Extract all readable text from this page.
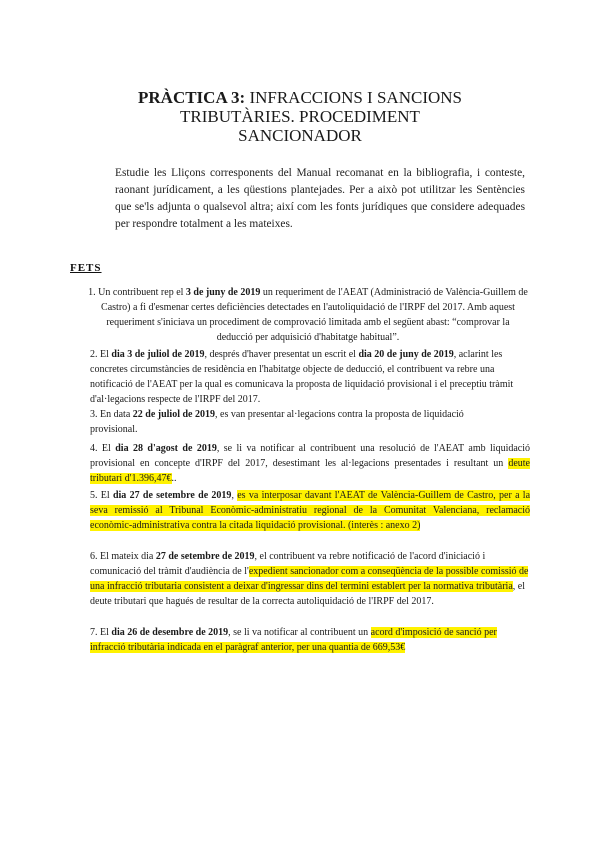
PRÀCTICA 3: INFRACCIONS I SANCIONS
TRIBUTÀRIES. PROCEDIMENT
SANCIONADOR
Estudie les Lliçons corresponents del Manual recomanat en la bibliografia, i conteste, raonant jurídicament, a les qüestions plantejades. Per a això pot utilitzar les Sentències que se'ls adjunta o qualsevol altra; així com les fonts jurídiques que considere adequades per respondre totalment a les mateixes.
FETS
1. Un contribuent rep el 3 de juny de 2019 un requeriment de l'AEAT (Administració de València-Guillem de Castro) a fi d'esmenar certes deficiències detectades en l'autoliquidació de l'IRPF del 2017. Amb aquest requeriment s'iniciava un procediment de comprovació limitada amb el següent abast: “comprovar la deducció per adquisició d'habitatge habitual”.
2. El dia 3 de juliol de 2019, després d'haver presentat un escrit el dia 20 de juny de 2019, aclarint les concretes circumstàncies de residència en l'habitatge objecte de deducció, el contribuent va rebre una notificació de l'AEAT per la qual es comunicava la proposta de liquidació provisional i el preceptiu tràmit d'al·legacions respecte de l'IRPF del 2017.
3. En data 22 de juliol de 2019, es van presentar al·legacions contra la proposta de liquidació provisional.
4. El dia 28 d'agost de 2019, se li va notificar al contribuent una resolució de l'AEAT amb liquidació provisional en concepte d'IRPF del 2017, desestimant les al·legacions presentades i resultant un deute tributari d'1.396,47€..
5. El dia 27 de setembre de 2019, es va interposar davant l'AEAT de València-Guillem de Castro, per a la seva remissió al Tribunal Econòmic-administratiu regional de la Comunitat Valenciana, reclamació econòmic-administrativa contra la citada liquidació provisional. (interès : anexo 2)
6. El mateix dia 27 de setembre de 2019, el contribuent va rebre notificació de l'acord d'iniciació i comunicació del tràmit d'audiència de l'expedient sancionador com a conseqüència de la possible comissió de una infracció tributaria consistent a deixar d'ingressar dins del termini establert per la normativa tributària, el deute tributari que hagués de resultar de la correcta autoliquidació de l'IRPF del 2017.
7. El dia 26 de desembre de 2019, se li va notificar al contribuent un acord d'imposició de sanció per infracció tributària indicada en el paràgraf anterior, per una quantia de 669,53€
